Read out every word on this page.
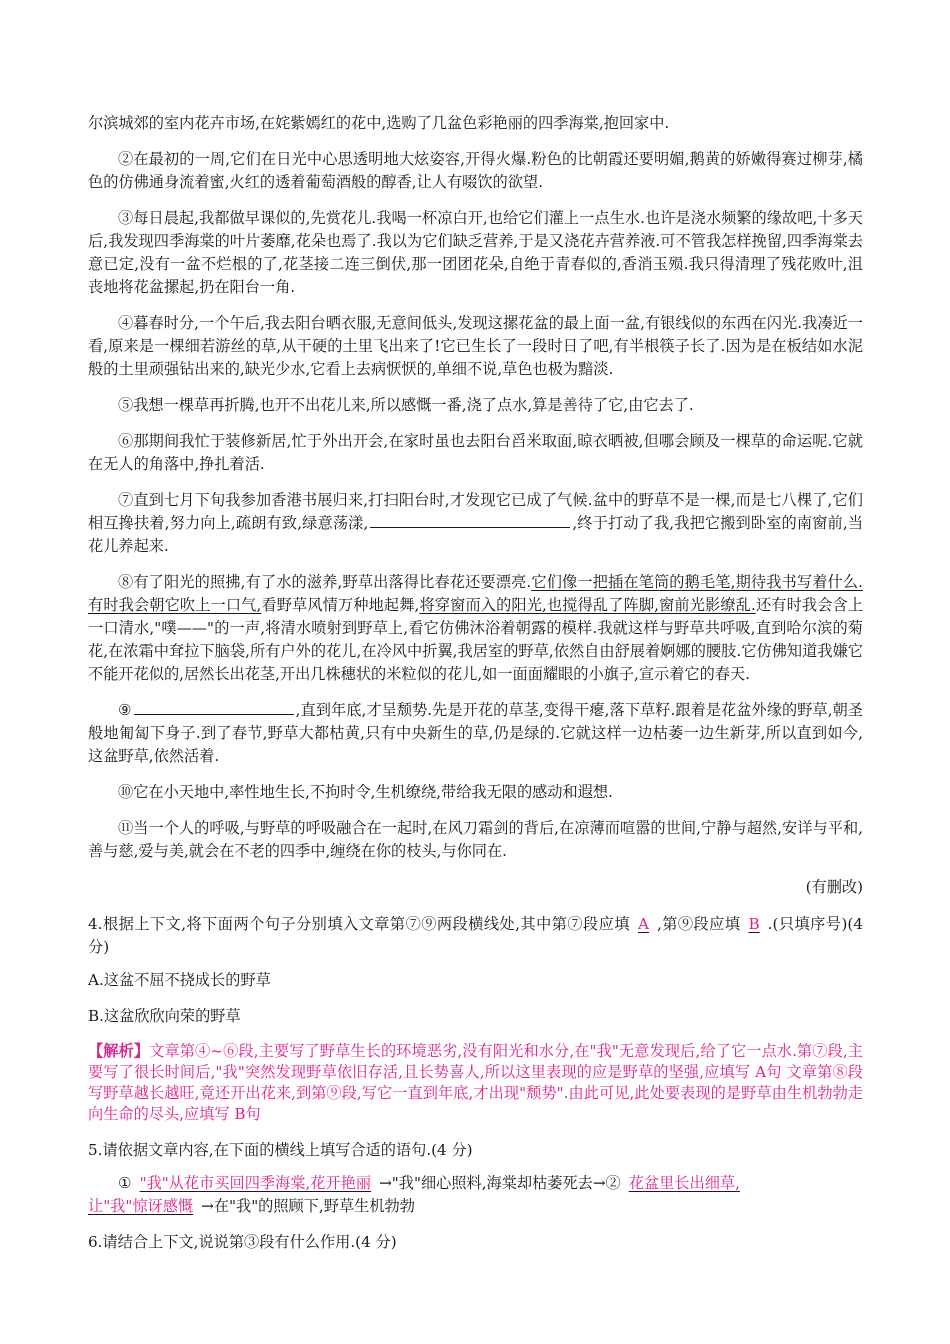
尔滨城郊的室内花卉市场,在姹紫嫣红的花中,选购了几盆色彩艳丽的四季海棠,抱回家中.

②在最初的一周,它们在日光中心思透明地大炫姿容,开得火爆.粉色的比朝霞还要明媚,鹅黄的娇嫩得赛过柳芽,橘色的仿佛通身流着蜜,火红的透着葡萄酒般的醇香,让人有啜饮的欲望.

③每日晨起,我都做早课似的,先赏花儿.我喝一杯凉白开,也给它们灌上一点生水.也许是浇水频繁的缘故吧,十多天后,我发现四季海棠的叶片萎靡,花朵也焉了.我以为它们缺乏营养,于是又浇花卉营养液.可不管我怎样挽留,四季海棠去意已定,没有一盆不烂根的了,花茎接二连三倒伏,那一团团花朵,自绝于青春似的,香消玉殒.我只得清理了残花败叶,沮丧地将花盆摞起,扔在阳台一角.

④暮春时分,一个午后,我去阳台晒衣服,无意间低头,发现这摞花盆的最上面一盆,有银线似的东西在闪光.我凑近一看,原来是一棵细若游丝的草,从干硬的土里飞出来了!它已生长了一段时日了吧,有半根筷子长了.因为是在板结如水泥般的土里顽强钻出来的,缺光少水,它看上去病恹恹的,单细不说,草色也极为黯淡.

⑤我想一棵草再折腾,也开不出花儿来,所以感慨一番,浇了点水,算是善待了它,由它去了.

⑥那期间我忙于装修新居,忙于外出开会,在家时虽也去阳台舀米取面,晾衣晒被,但哪会顾及一棵草的命运呢.它就在无人的角落中,挣扎着活.

⑦直到七月下旬我参加香港书展归来,打扫阳台时,才发现它已成了气候.盆中的野草不是一棵,而是七八棵了,它们相互搀扶着,努力向上,疏朗有致,绿意荡漾,	,终于打动了我,我把它搬到卧室的南窗前,当花儿养起来.

⑧有了阳光的照拂,有了水的滋养,野草出落得比春花还要漂亮.它们像一把插在笔筒的鹅毛笔,期待我书写着什么.有时我会朝它吹上一口气,看野草风情万种地起舞,将穿窗而入的阳光,也搅得乱了阵脚,窗前光影缭乱.还有时我会含上一口清水,"噗——"的一声,将清水喷射到野草上,看它仿佛沐浴着朝露的模样.我就这样与野草共呼吸,直到哈尔滨的菊花,在浓霜中耷拉下脑袋,所有户外的花儿,在冷风中折翼,我居室的野草,依然自由舒展着婀娜的腰肢.它仿佛知道我嫌它不能开花似的,居然长出花茎,开出几株穗状的米粒似的花儿,如一面面耀眼的小旗子,宣示着它的春天.

⑨	,直到年底,才呈颓势.先是开花的草茎,变得干瘪,落下草籽.跟着是花盆外缘的野草,朝圣般地匍匐下身子.到了春节,野草大都枯黄,只有中央新生的草,仍是绿的.它就这样一边枯萎一边生新芽,所以直到如今,这盆野草,依然活着.

⑩它在小天地中,率性地生长,不拘时令,生机缭绕,带给我无限的感动和遐想.

⑪当一个人的呼吸,与野草的呼吸融合在一起时,在风刀霜剑的背后,在凉薄而喧嚣的世间,宁静与超然,安详与平和,善与慈,爱与美,就会在不老的四季中,缠绕在你的枝头,与你同在.

(有删改)

4.根据上下文,将下面两个句子分别填入文章第⑦⑨两段横线处,其中第⑦段应填 A ,第⑨段应填 B .(只填序号)(4 分)

A.这盆不屈不挠成长的野草

B.这盆欣欣向荣的野草

【解析】文章第④~⑥段,主要写了野草生长的环境恶劣,没有阳光和水分,在"我"无意发现后,给了它一点水.第⑦段,主要写了很长时间后,"我"突然发现野草依旧存活,且长势喜人,所以这里表现的应是野草的坚强,应填写 A句 文章第⑧段写野草越长越旺,竟还开出花来,到第⑨段,写它一直到年底,才出现"颓势".由此可见,此处要表现的是野草由生机勃勃走向生命的尽头,应填写 B句

5.请依据文章内容,在下面的横线上填写合适的语句.(4 分)

① "我"从花市买回四季海棠,花开艳丽 →"我"细心照料,海棠却枯萎死去→② 花盆里长出细草,

让"我"惊讶感慨 →在"我"的照顾下,野草生机勃勃

6.请结合上下文,说说第③段有什么作用.(4 分)
